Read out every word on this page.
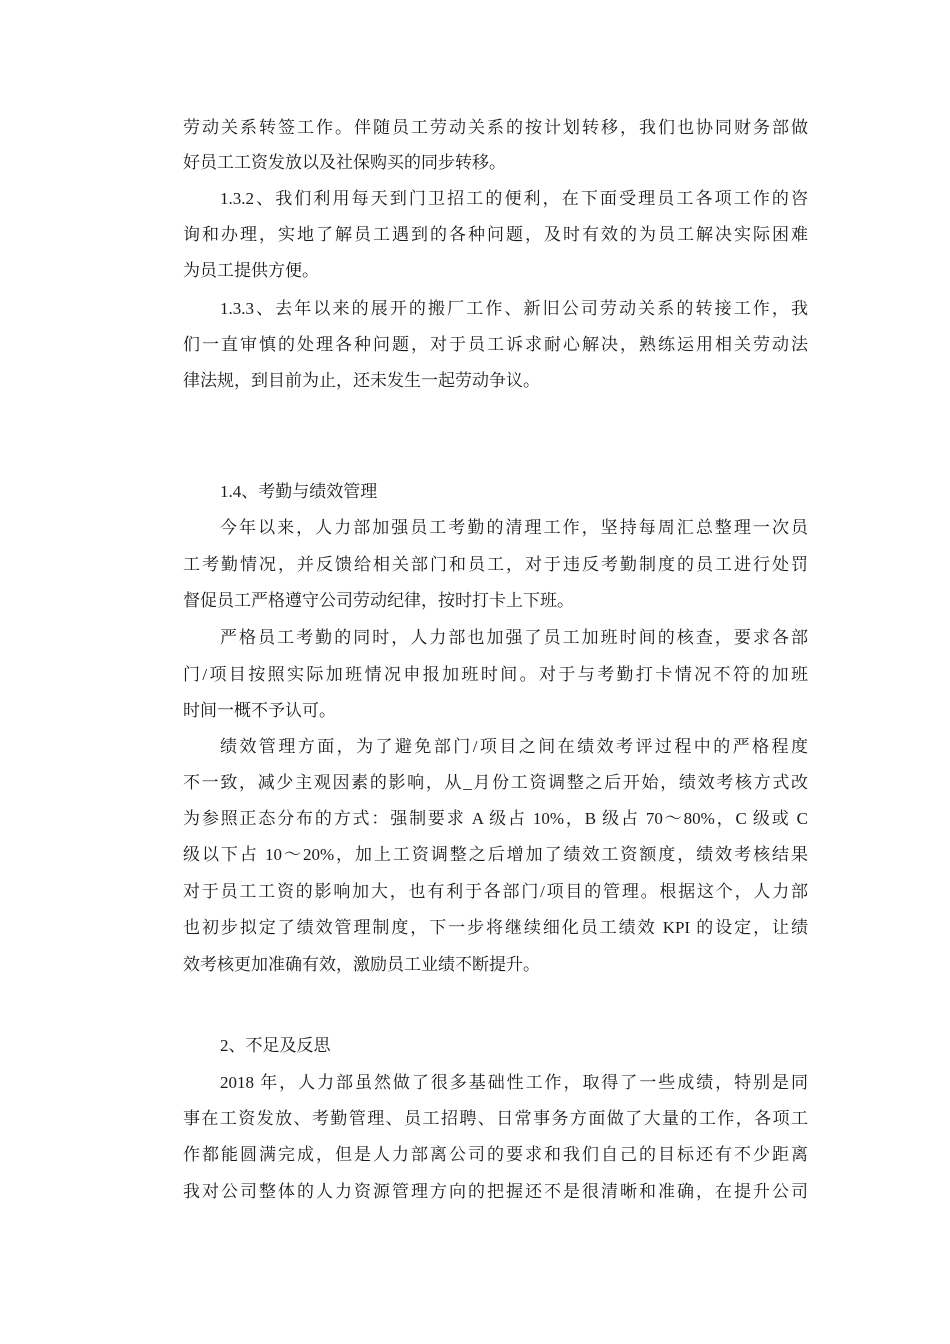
劳动关系转签工作。伴随员工劳动关系的按计划转移，我们也协同财务部做
好员工工资发放以及社保购买的同步转移。
1.3.2、我们利用每天到门卫招工的便利，在下面受理员工各项工作的咨
询和办理，实地了解员工遇到的各种问题，及时有效的为员工解决实际困难
为员工提供方便。
1.3.3、去年以来的展开的搬厂工作、新旧公司劳动关系的转接工作，我
们一直审慎的处理各种问题，对于员工诉求耐心解决，熟练运用相关劳动法
律法规，到目前为止，还未发生一起劳动争议。
1.4、考勤与绩效管理
今年以来，人力部加强员工考勤的清理工作，坚持每周汇总整理一次员
工考勤情况，并反馈给相关部门和员工，对于违反考勤制度的员工进行处罚
督促员工严格遵守公司劳动纪律，按时打卡上下班。
严格员工考勤的同时，人力部也加强了员工加班时间的核查，要求各部
门/项目按照实际加班情况申报加班时间。对于与考勤打卡情况不符的加班
时间一概不予认可。
绩效管理方面，为了避免部门/项目之间在绩效考评过程中的严格程度
不一致，减少主观因素的影响，从_月份工资调整之后开始，绩效考核方式改
为参照正态分布的方式：强制要求 A 级占 10%，B 级占 70～80%，C 级或 C
级以下占 10～20%，加上工资调整之后增加了绩效工资额度，绩效考核结果
对于员工工资的影响加大，也有利于各部门/项目的管理。根据这个，人力部
也初步拟定了绩效管理制度，下一步将继续细化员工绩效 KPI 的设定，让绩
效考核更加准确有效，激励员工业绩不断提升。
2、不足及反思
2018 年，人力部虽然做了很多基础性工作，取得了一些成绩，特别是同
事在工资发放、考勤管理、员工招聘、日常事务方面做了大量的工作，各项工
作都能圆满完成，但是人力部离公司的要求和我们自己的目标还有不少距离
我对公司整体的人力资源管理方向的把握还不是很清晰和准确，在提升公司
